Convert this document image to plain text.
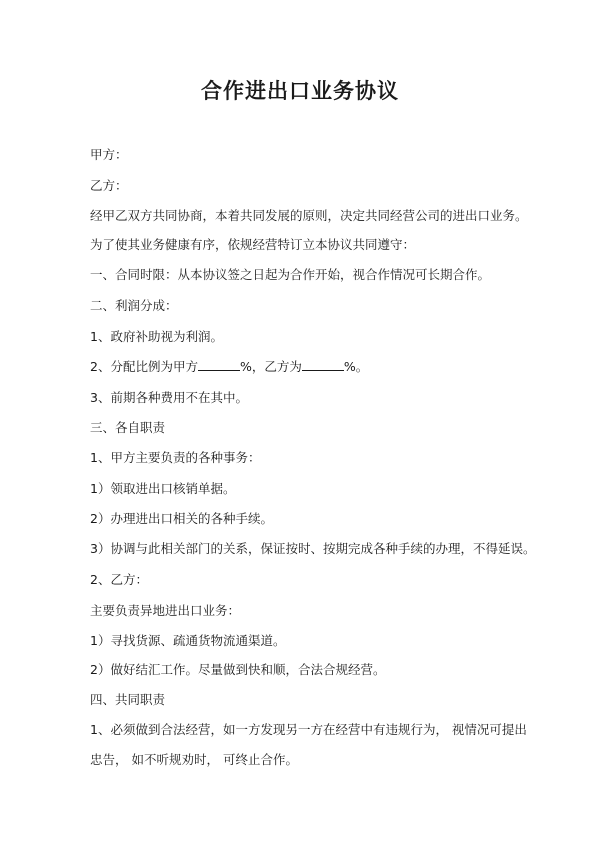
合作进出口业务协议

甲方：

乙方：

经甲乙双方共同协商，本着共同发展的原则，决定共同经营公司的进出口业务。

为了使其业务健康有序，依规经营特订立本协议共同遵守：

一、合同时限：从本协议签之日起为合作开始，视合作情况可长期合作。

二、利润分成：

1、政府补助视为利润。

2、分配比例为甲方	%，乙方为	%。

3、前期各种费用不在其中。

三、各自职责

1、甲方主要负责的各种事务：

1）领取进出口核销单据。

2）办理进出口相关的各种手续。

3）协调与此相关部门的关系，保证按时、按期完成各种手续的办理，不得延误。

2、乙方：

主要负责异地进出口业务：

1）寻找货源、疏通货物流通渠道。

2）做好结汇工作。尽量做到快和顺，合法合规经营。

四、共同职责

1、必须做到合法经营，如一方发现另一方在经营中有违规行为， 视情况可提出

忠告， 如不听规劝时， 可终止合作。
